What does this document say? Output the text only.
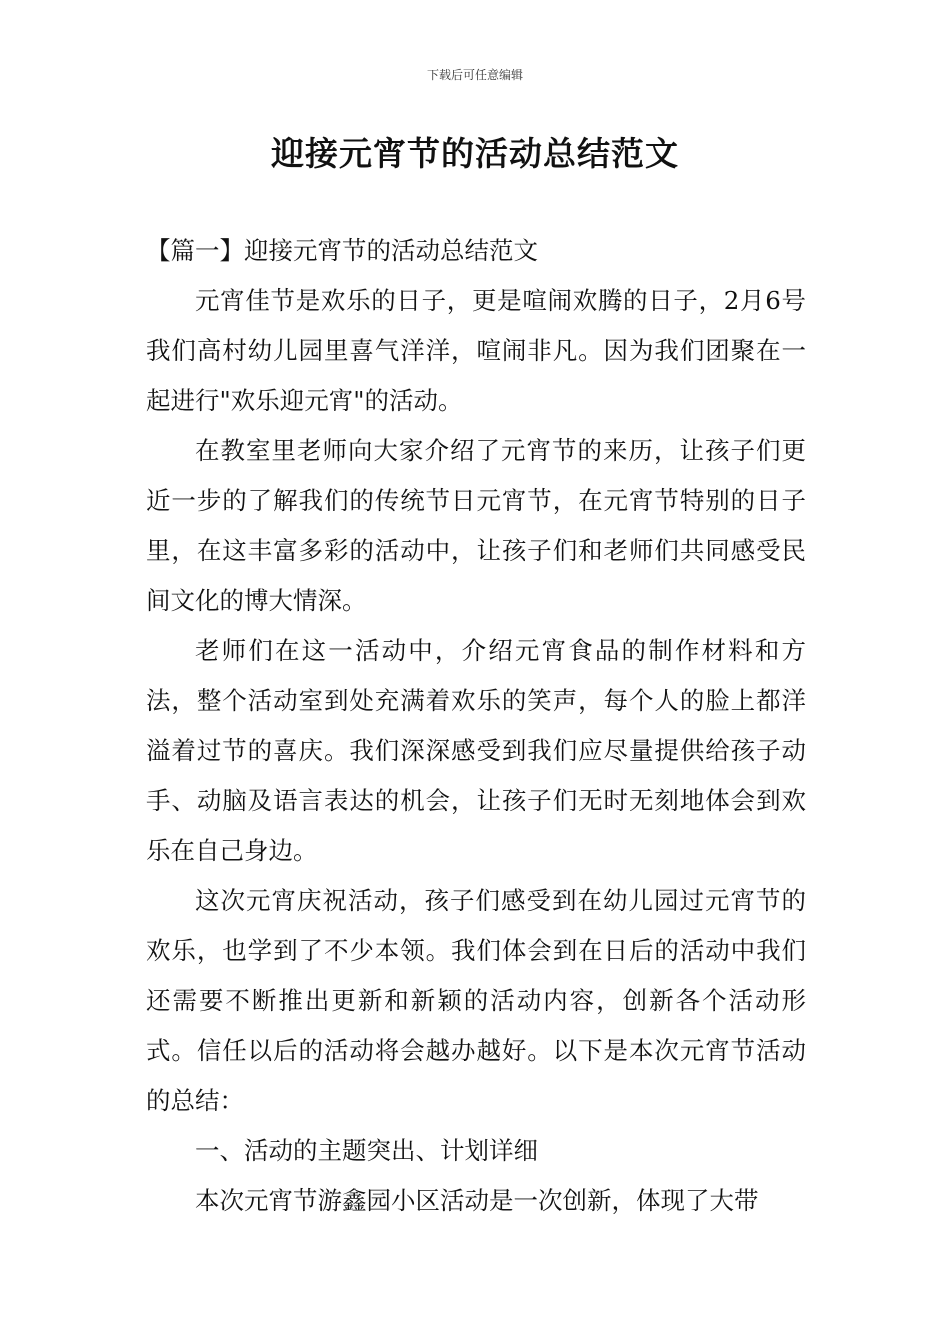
下载后可任意编辑
迎接元宵节的活动总结范文

【篇一】迎接元宵节的活动总结范文

元宵佳节是欢乐的日子，更是喧闹欢腾的日子，2月6号我们高村幼儿园里喜气洋洋，喧闹非凡。因为我们团聚在一起进行"欢乐迎元宵"的活动。

在教室里老师向大家介绍了元宵节的来历，让孩子们更近一步的了解我们的传统节日元宵节，在元宵节特别的日子里，在这丰富多彩的活动中，让孩子们和老师们共同感受民间文化的博大情深。

老师们在这一活动中，介绍元宵食品的制作材料和方法，整个活动室到处充满着欢乐的笑声，每个人的脸上都洋溢着过节的喜庆。我们深深感受到我们应尽量提供给孩子动手、动脑及语言表达的机会，让孩子们无时无刻地体会到欢乐在自己身边。

这次元宵庆祝活动，孩子们感受到在幼儿园过元宵节的欢乐，也学到了不少本领。我们体会到在日后的活动中我们还需要不断推出更新和新颖的活动内容，创新各个活动形式。信任以后的活动将会越办越好。以下是本次元宵节活动的总结：

一、活动的主题突出、计划详细

本次元宵节游鑫园小区活动是一次创新，体现了大带
